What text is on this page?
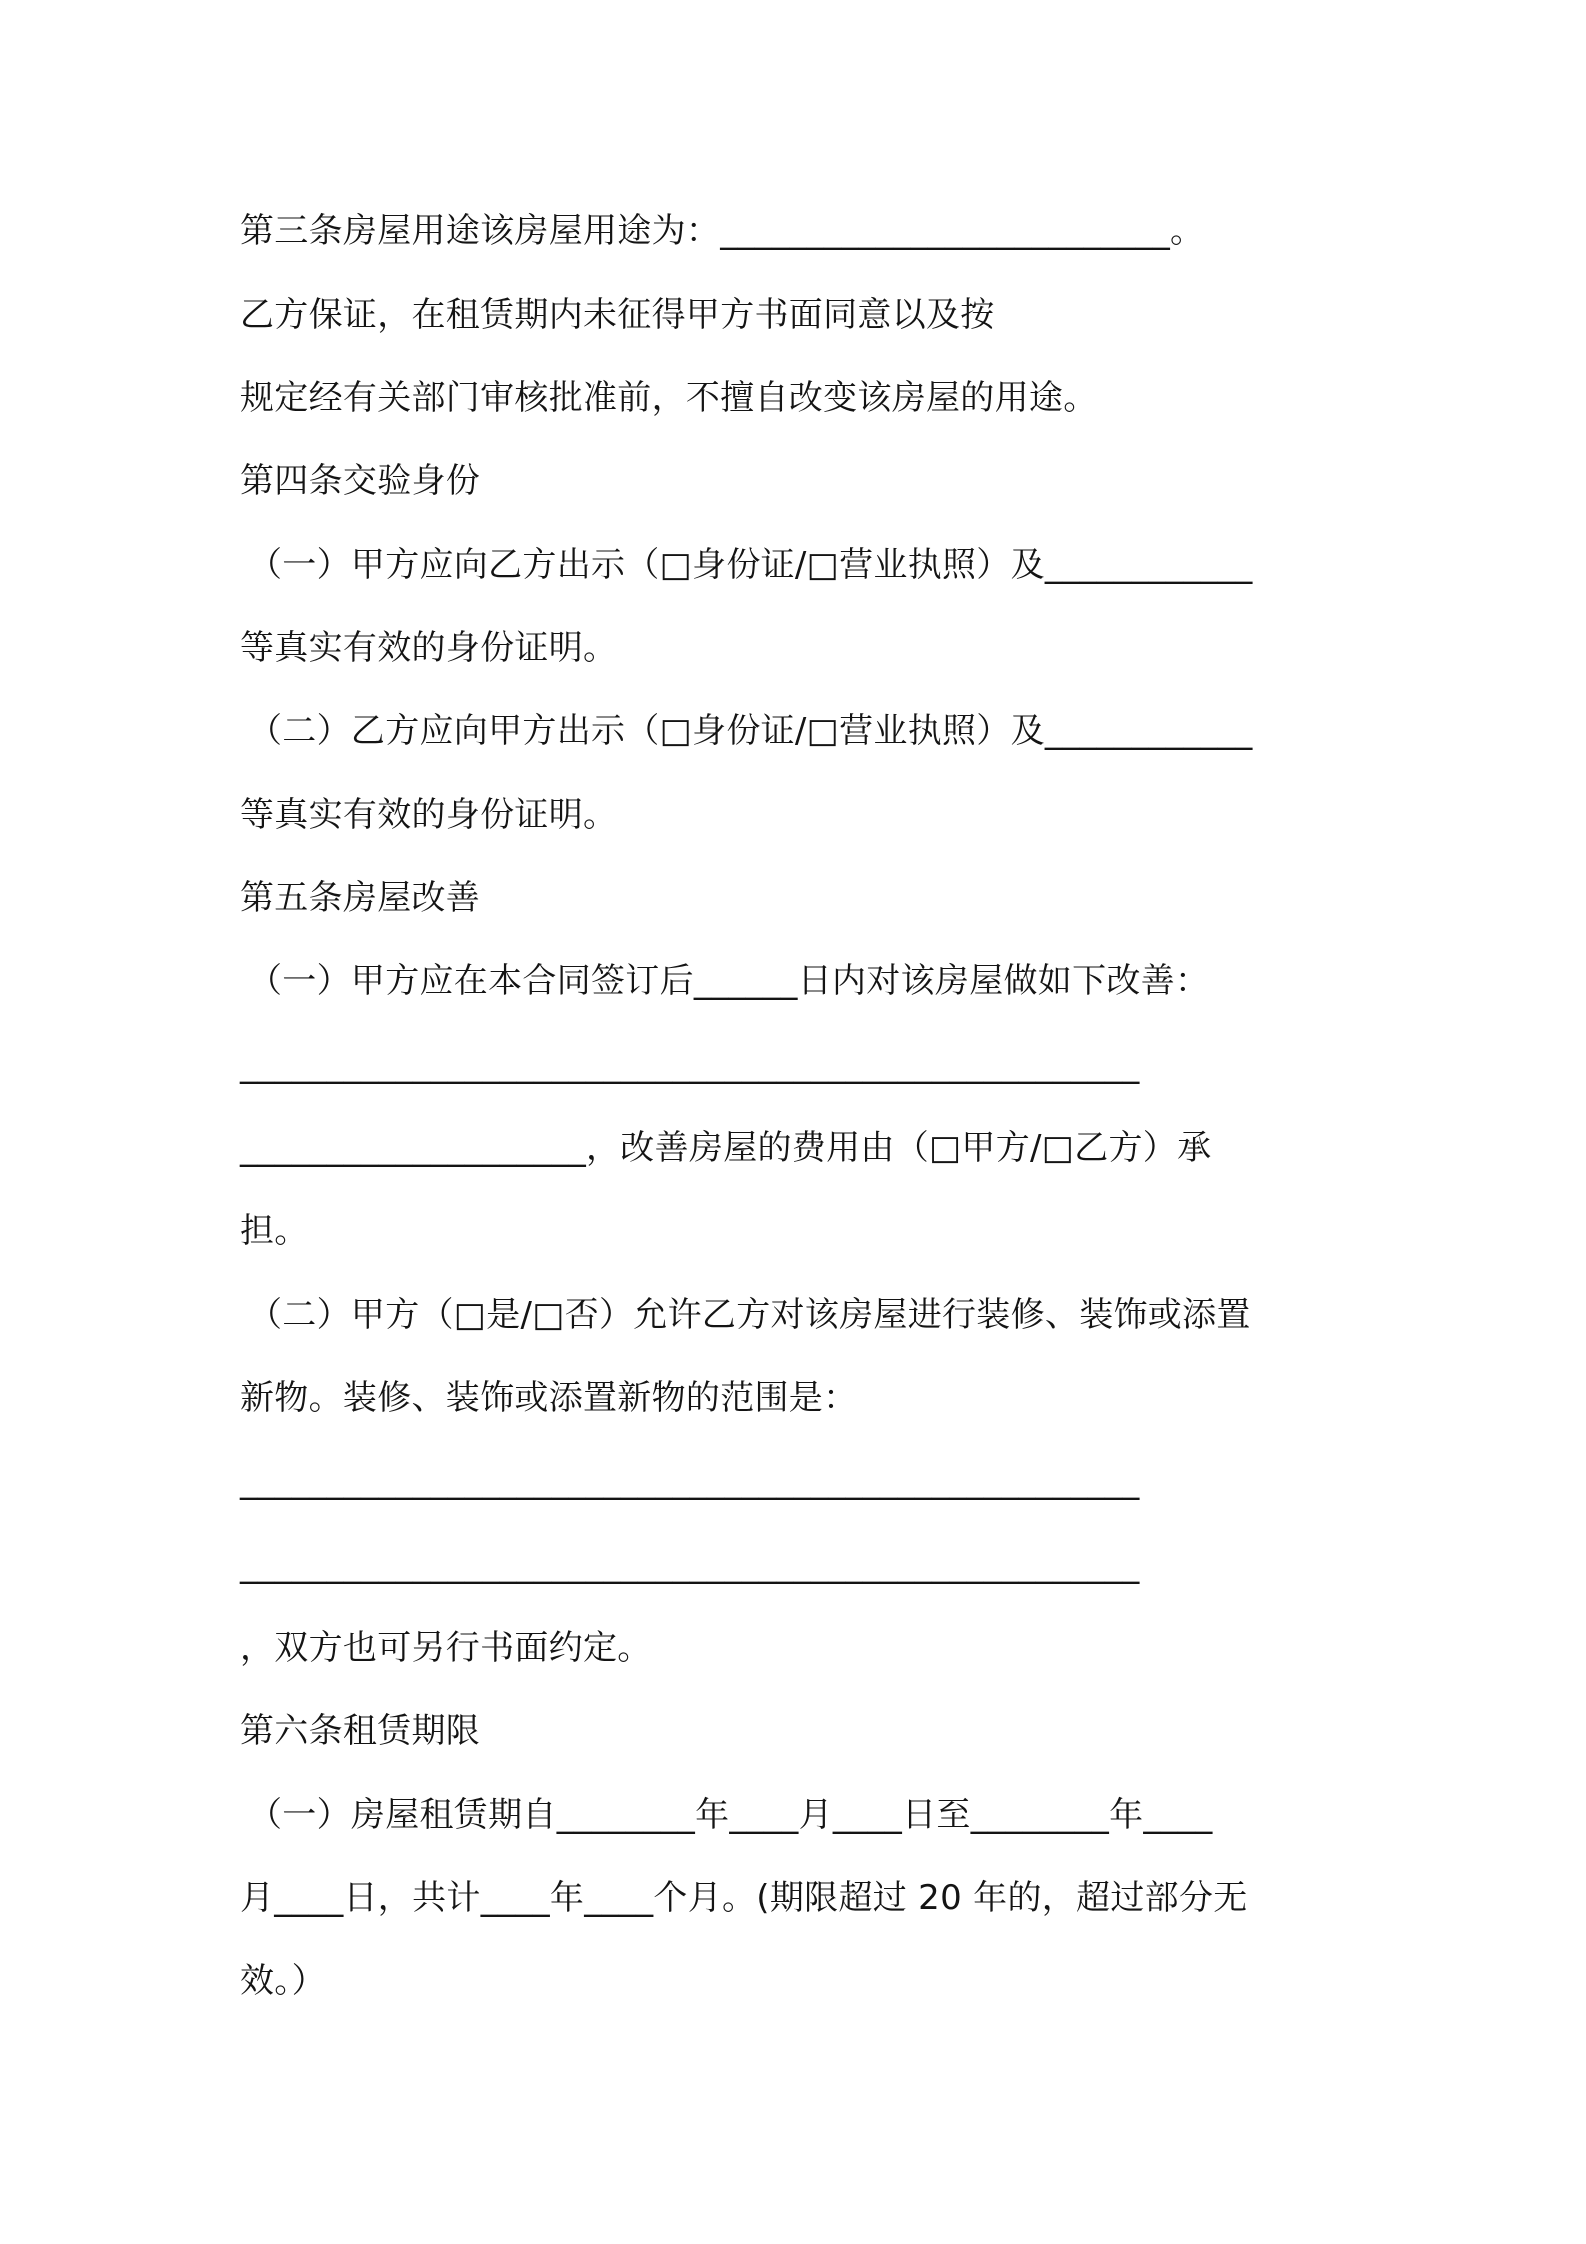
第三条房屋用途该房屋用途为：__________________________。
乙方保证，在租赁期内未征得甲方书面同意以及按
规定经有关部门审核批准前，不擅自改变该房屋的用途。
第四条交验身份
（一）甲方应向乙方出示（□身份证/□营业执照）及____________
等真实有效的身份证明。
（二）乙方应向甲方出示（□身份证/□营业执照）及____________
等真实有效的身份证明。
第五条房屋改善
（一）甲方应在本合同签订后______日内对该房屋做如下改善：
____________________________________________________
____________________，改善房屋的费用由（□甲方/□乙方）承
担。
（二）甲方（□是/□否）允许乙方对该房屋进行装修、装饰或添置
新物。装修、装饰或添置新物的范围是：
____________________________________________________
____________________________________________________
，双方也可另行书面约定。
第六条租赁期限
（一）房屋租赁期自________年____月____日至________年____
月____日，共计____年____个月。(期限超过 20 年的，超过部分无
效。）
